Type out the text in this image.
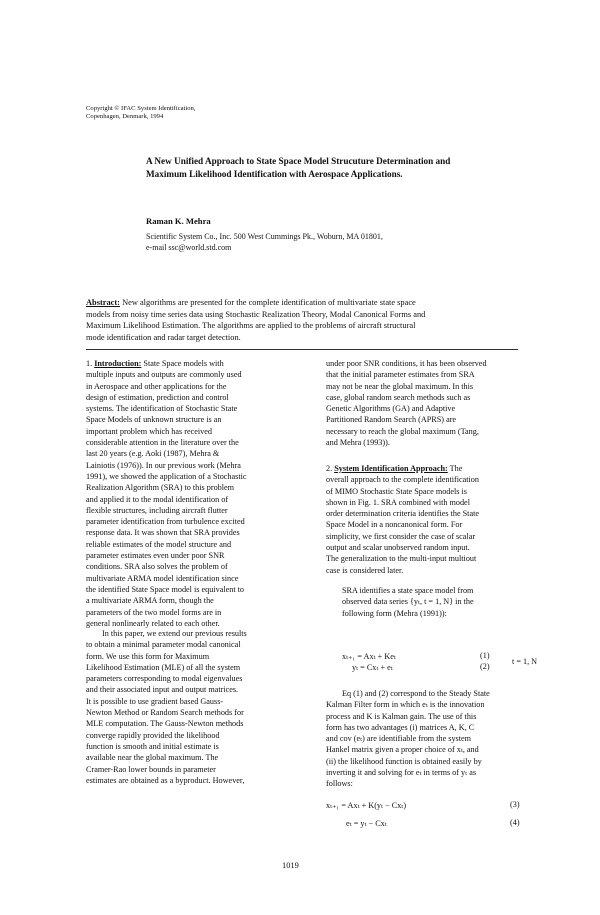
Copyright © IFAC System Identification,
Copenhagen, Denmark, 1994
A New Unified Approach to State Space Model Strucuture Determination and
Maximum Likelihood Identification with Aerospace Applications.
Raman K. Mehra
Scientific System Co., Inc. 500 West Cummings Pk., Woburn, MA 01801,
e-mail ssc@world.std.com
Abstract: New algorithms are presented for the complete identification of multivariate state space
models from noisy time series data using Stochastic Realization Theory, Modal Canonical Forms and
Maximum Likelihood Estimation. The algorithms are applied to the problems of aircraft structural
mode identification and radar target detection.

1. Introduction: State Space models with

multiple inputs and outputs are commonly used

in Aerospace and other applications for the

design of estimation, prediction and control

systems. The identification of Stochastic State

Space Models of unknown structure is an

important problem which has received

considerable attention in the literature over the

last 20 years (e.g. Aoki (1987), Mehra &

Lainiotis (1976)). In our previous work (Mehra

1991), we showed the application of a Stochastic

Realization Algorithm (SRA) to this problem

and applied it to the modal identification of

flexible structures, including aircraft flutter

parameter identification from turbulence excited

response data. It was shown that SRA provides

reliable estimates of the model structure and

parameter estimates even under poor SNR

conditions. SRA also solves the problem of

multivariate ARMA model identification since

the identified State Space model is equivalent to

a multivariate ARMA form, though the

parameters of the two model forms are in

general nonlinearly related to each other.

In this paper, we extend our previous results

to obtain a minimal parameter modal canonical

form. We use this form for Maximum

Likelihood Estimation (MLE) of all the system

parameters corresponding to modal eigenvalues

and their associated input and output matrices.

It is possible to use gradient based Gauss-

Newton Method or Random Search methods for

MLE computation. The Gauss-Newton methods

converge rapidly provided the likelihood

function is smooth and initial estimate is

available near the global maximum. The

Cramer-Rao lower bounds in parameter

estimates are obtained as a byproduct. However,

under poor SNR conditions, it has been observed

that the initial parameter estimates from SRA

may not be near the global maximum. In this

case, global random search methods such as

Genetic Algorithms (GA) and Adaptive

Partitioned Random Search (APRS) are

necessary to reach the global maximum (Tang,

and Mehra (1993)).

2. System Identification Approach: The

overall approach to the complete identification

of MIMO Stochastic State Space models is

shown in Fig. 1. SRA combined with model

order determination criteria identifies the State

Space Model in a noncanonical form. For

simplicity, we first consider the case of scalar

output and scalar unobserved random input.

The generalization to the multi-input multiout

case is considered later.

SRA identifies a state space model from

observed data series {yₜ, t = 1, N} in the

following form (Mehra (1991)):

xₜ₊₁ = Axₜ + Keₜ	(1)
yₜ = Cxₜ + eₜ	(2)
t = 1, N

Eq (1) and (2) correspond to the Steady State

Kalman Filter form in which eₜ is the innovation

process and K is Kalman gain. The use of this

form has two advantages (i) matrices A, K, C

and cov (eₜ) are identifiable from the system

Hankel matrix given a proper choice of xₜ, and

(ii) the likelihood function is obtained easily by

inverting it and solving for eₜ in terms of yₜ as

follows:

xₜ₊₁ = Axₜ + K(yₜ − Cxₜ)	(3)
eₜ = yₜ − Cxₜ	(4)
1019
